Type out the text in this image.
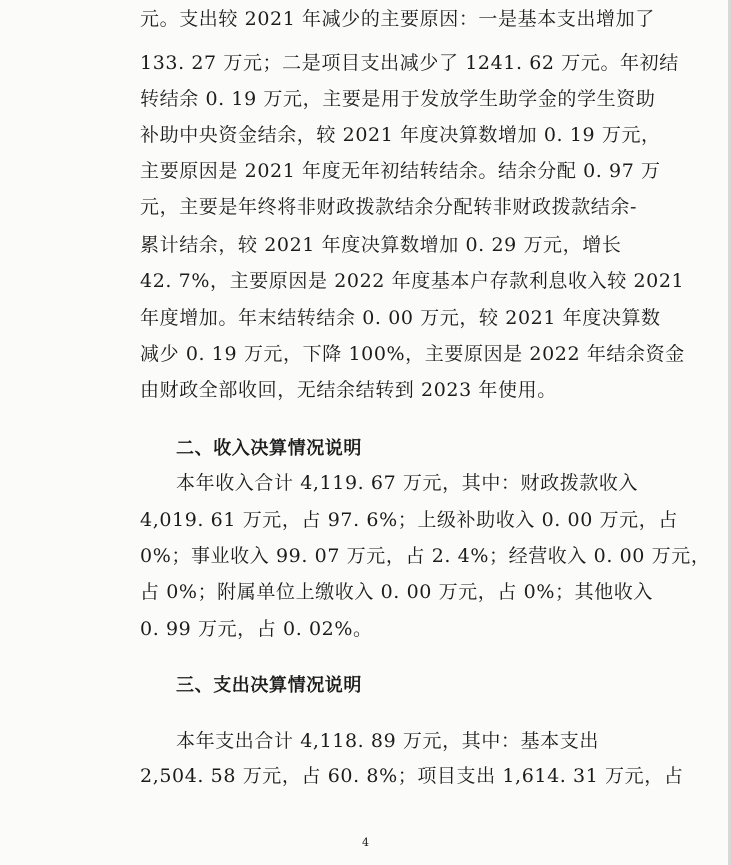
元。支出较 2021 年减少的主要原因：一是基本支出增加了
133. 27 万元；二是项目支出减少了 1241. 62 万元。年初结
转结余 0. 19 万元，主要是用于发放学生助学金的学生资助
补助中央资金结余，较 2021 年度决算数增加 0. 19 万元，
主要原因是 2021 年度无年初结转结余。结余分配 0. 97 万
元，主要是年终将非财政拨款结余分配转非财政拨款结余-
累计结余，较 2021 年度决算数增加 0. 29 万元，增长
42. 7%，主要原因是 2022 年度基本户存款利息收入较 2021
年度增加。年末结转结余 0. 00 万元，较 2021 年度决算数
减少 0. 19 万元，下降 100%，主要原因是 2022 年结余资金
由财政全部收回，无结余结转到 2023 年使用。
二、收入决算情况说明
本年收入合计 4,119. 67 万元，其中：财政拨款收入
4,019. 61 万元，占 97. 6%；上级补助收入 0. 00 万元，占
0%；事业收入 99. 07 万元，占 2. 4%；经营收入 0. 00 万元，
占 0%；附属单位上缴收入 0. 00 万元，占 0%；其他收入
0. 99 万元，占 0. 02%。
三、支出决算情况说明
本年支出合计 4,118. 89 万元，其中：基本支出
2,504. 58 万元，占 60. 8%；项目支出 1,614. 31 万元，占
4
